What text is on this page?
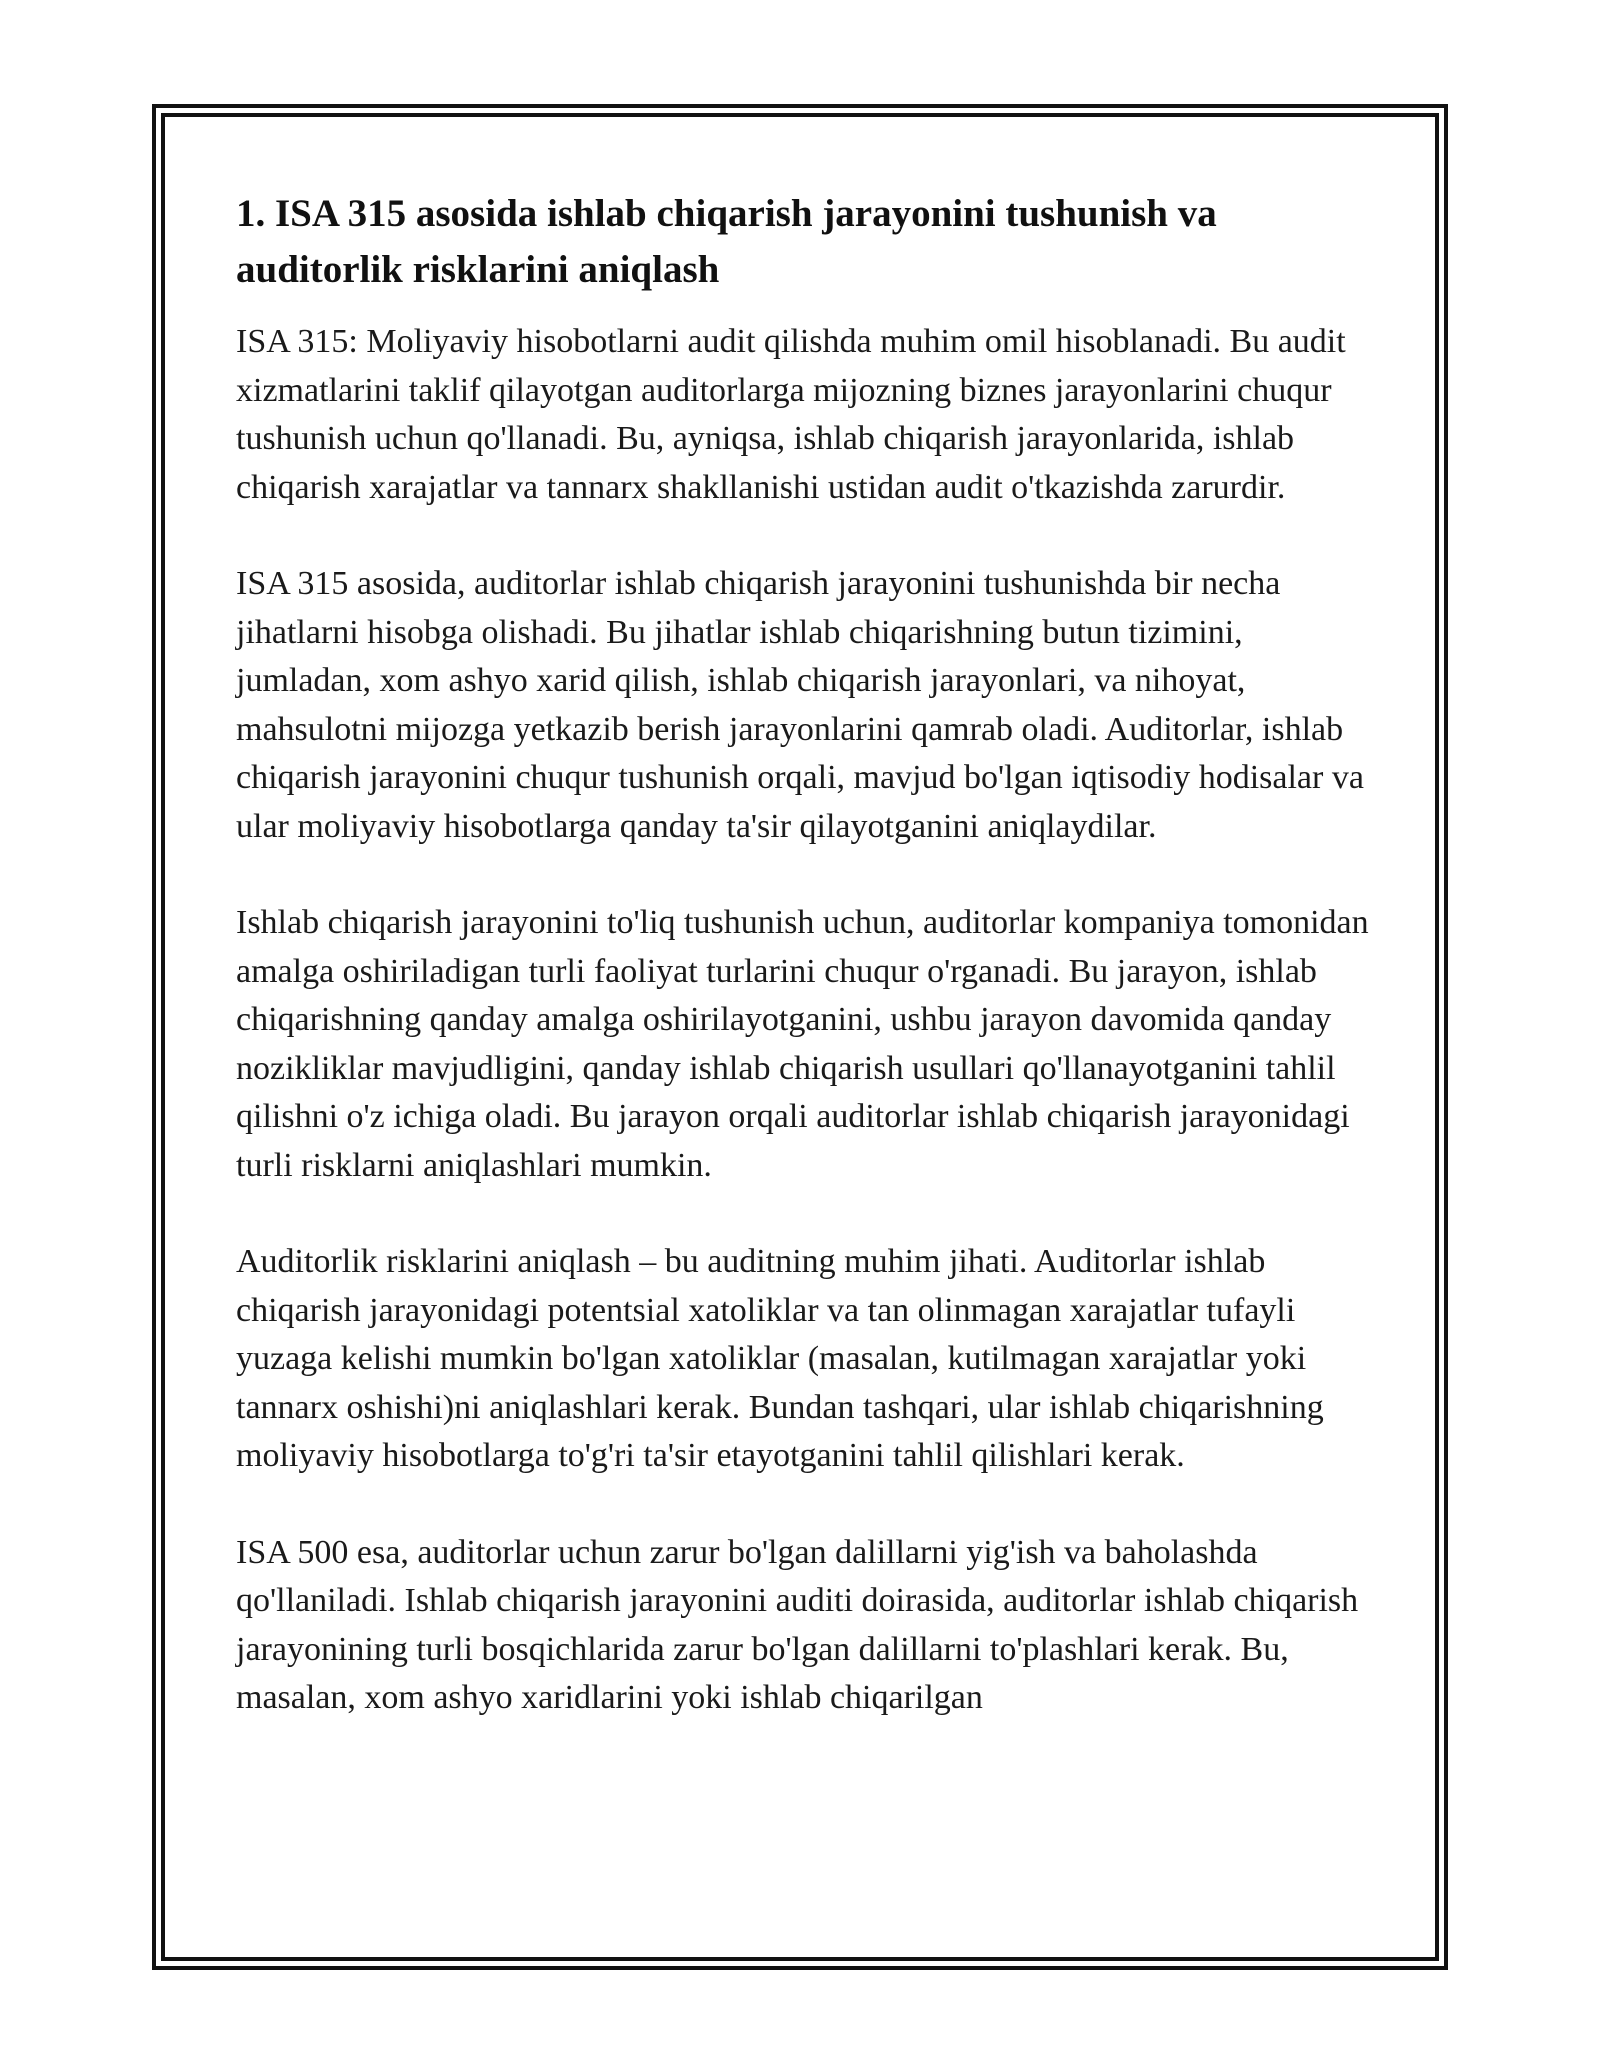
1. ISA 315 asosida ishlab chiqarish jarayonini tushunish va auditorlik risklarini aniqlash

ISA 315: Moliyaviy hisobotlarni audit qilishda muhim omil hisoblanadi. Bu audit xizmatlarini taklif qilayotgan auditorlarga mijozning biznes jarayonlarini chuqur tushunish uchun qo'llanadi. Bu, ayniqsa, ishlab chiqarish jarayonlarida, ishlab chiqarish xarajatlar va tannarx shakllanishi ustidan audit o'tkazishda zarurdir.

ISA 315 asosida, auditorlar ishlab chiqarish jarayonini tushunishda bir necha jihatlarni hisobga olishadi. Bu jihatlar ishlab chiqarishning butun tizimini, jumladan, xom ashyo xarid qilish, ishlab chiqarish jarayonlari, va nihoyat, mahsulotni mijozga yetkazib berish jarayonlarini qamrab oladi. Auditorlar, ishlab chiqarish jarayonini chuqur tushunish orqali, mavjud bo'lgan iqtisodiy hodisalar va ular moliyaviy hisobotlarga qanday ta'sir qilayotganini aniqlaydilar.

Ishlab chiqarish jarayonini to'liq tushunish uchun, auditorlar kompaniya tomonidan amalga oshiriladigan turli faoliyat turlarini chuqur o'rganadi. Bu jarayon, ishlab chiqarishning qanday amalga oshirilayotganini, ushbu jarayon davomida qanday nozikliklar mavjudligini, qanday ishlab chiqarish usullari qo'llanayotganini tahlil qilishni o'z ichiga oladi. Bu jarayon orqali auditorlar ishlab chiqarish jarayonidagi turli risklarni aniqlashlari mumkin.

Auditorlik risklarini aniqlash – bu auditning muhim jihati. Auditorlar ishlab chiqarish jarayonidagi potentsial xatoliklar va tan olinmagan xarajatlar tufayli yuzaga kelishi mumkin bo'lgan xatoliklar (masalan, kutilmagan xarajatlar yoki tannarx oshishi)ni aniqlashlari kerak. Bundan tashqari, ular ishlab chiqarishning moliyaviy hisobotlarga to'g'ri ta'sir etayotganini tahlil qilishlari kerak.

ISA 500 esa, auditorlar uchun zarur bo'lgan dalillarni yig'ish va baholashda qo'llaniladi. Ishlab chiqarish jarayonini auditi doirasida, auditorlar ishlab chiqarish jarayonining turli bosqichlarida zarur bo'lgan dalillarni to'plashlari kerak. Bu, masalan, xom ashyo xaridlarini yoki ishlab chiqarilgan
